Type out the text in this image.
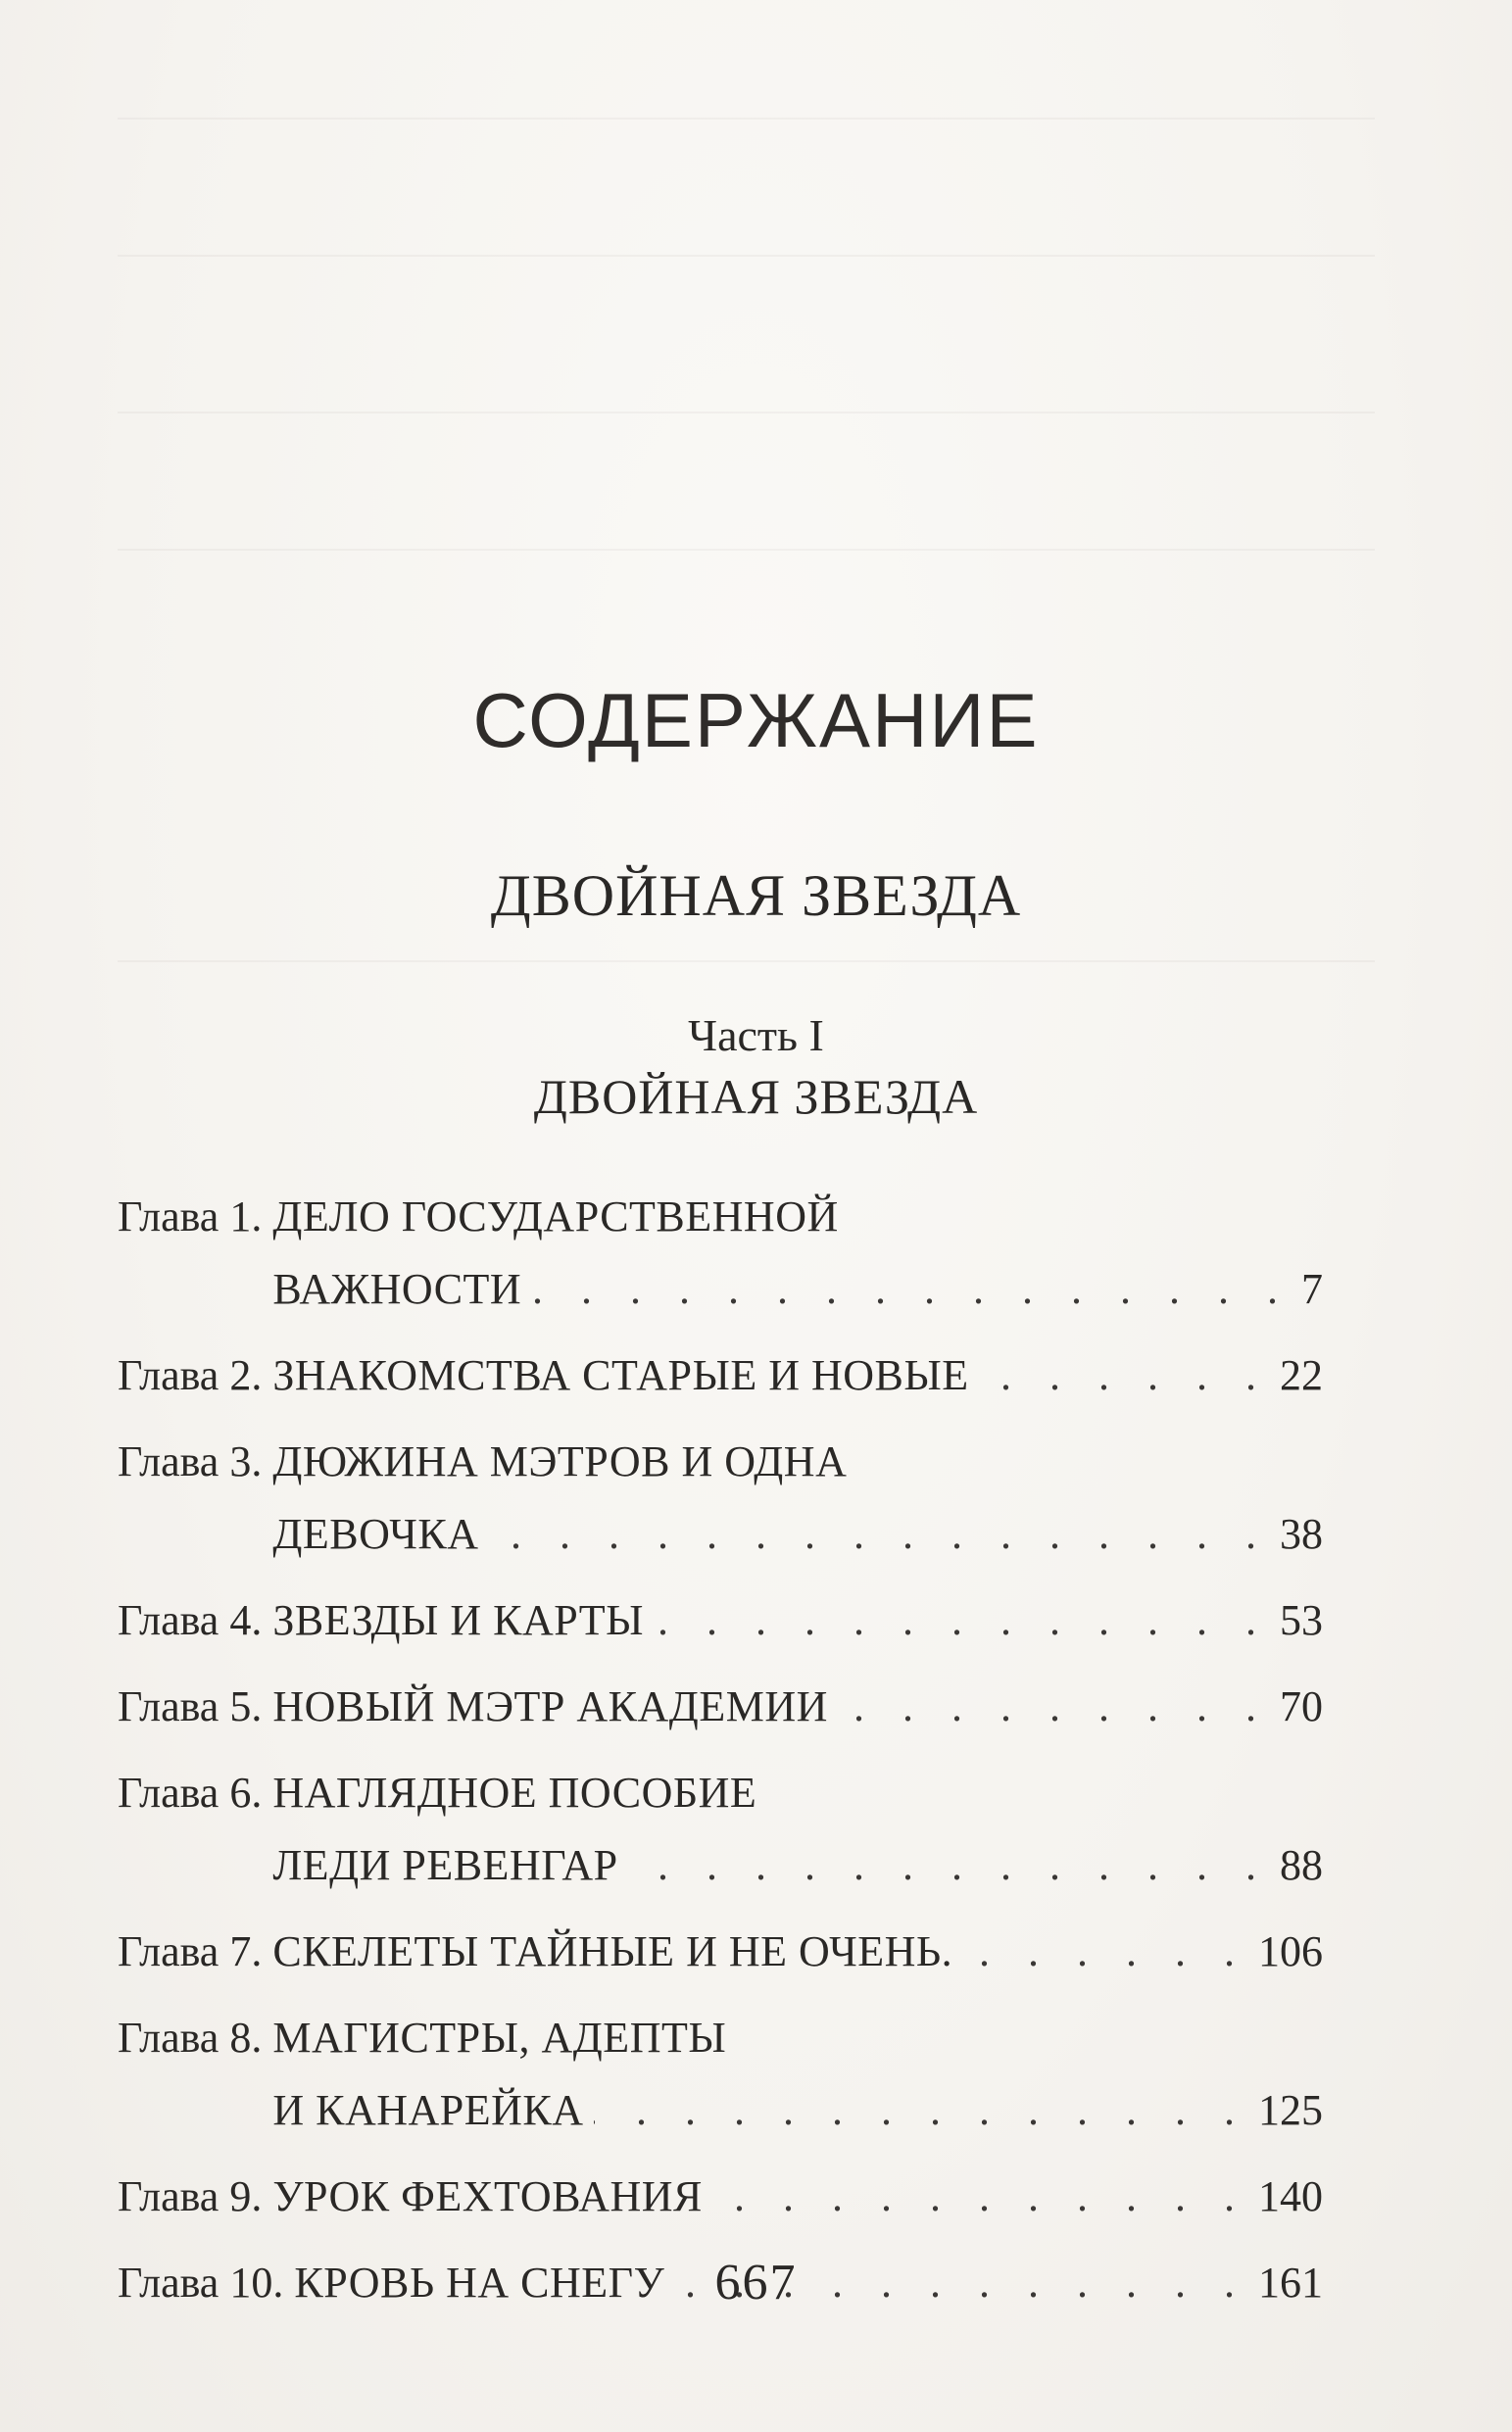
СОДЕРЖАНИЕ
ДВОЙНАЯ ЗВЕЗДА
Часть I
ДВОЙНАЯ ЗВЕЗДА
Глава 1. ДЕЛО ГОСУДАРСТВЕННОЙ
ВАЖНОСТИ . . .	7
Глава 2. ЗНАКОМСТВА СТАРЫЕ И НОВЫЕ . . .	22
Глава 3. ДЮЖИНА МЭТРОВ И ОДНА
ДЕВОЧКА . . .	38
Глава 4. ЗВЕЗДЫ И КАРТЫ . . .	53
Глава 5. НОВЫЙ МЭТР АКАДЕМИИ . . .	70
Глава 6. НАГЛЯДНОЕ ПОСОБИЕ
ЛЕДИ РЕВЕНГАР . . .	88
Глава 7. СКЕЛЕТЫ ТАЙНЫЕ И НЕ ОЧЕНЬ. . . .	106
Глава 8. МАГИСТРЫ, АДЕПТЫ
И КАНАРЕЙКА . . .	125
Глава 9. УРОК ФЕХТОВАНИЯ . . .	140
Глава 10. КРОВЬ НА СНЕГУ . . .	161
667
